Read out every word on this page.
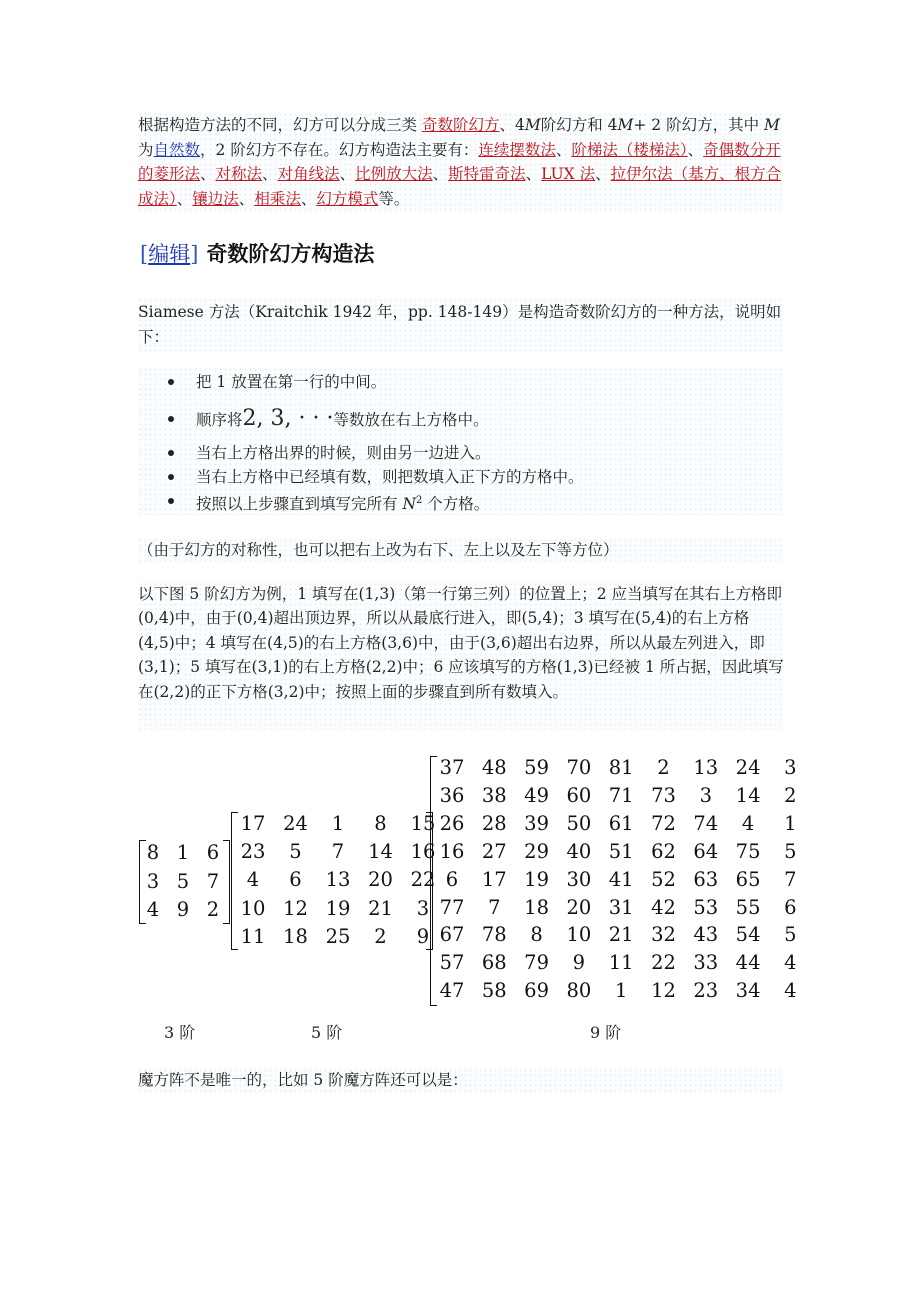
根据构造方法的不同，幻方可以分成三类 奇数阶幻方、4M阶幻方和 4M+ 2 阶幻方，其中 M为自然数，2 阶幻方不存在。幻方构造法主要有：连续摆数法、阶梯法（楼梯法）、奇偶数分开的菱形法、对称法、对角线法、比例放大法、斯特雷奇法、LUX 法、拉伊尔法（基方、根方合成法）、镶边法、相乘法、幻方模式等。
[编辑] 奇数阶幻方构造法
Siamese 方法（Kraitchik 1942 年，pp. 148-149）是构造奇数阶幻方的一种方法，说明如下：
把 1 放置在第一行的中间。
顺序将2, 3, · · ·等数放在右上方格中。
当右上方格出界的时候，则由另一边进入。
当右上方格中已经填有数，则把数填入正下方的方格中。
按照以上步骤直到填写完所有 $N^2$ 个方格。
（由于幻方的对称性，也可以把右上改为右下、左上以及左下等方位）
以下图 5 阶幻方为例，1 填写在(1,3)（第一行第三列）的位置上；2 应当填写在其右上方格即(0,4)中，由于(0,4)超出顶边界，所以从最底行进入，即(5,4)；3 填写在(5,4)的右上方格(4,5)中；4 填写在(4,5)的右上方格(3,6)中，由于(3,6)超出右边界，所以从最左列进入，即(3,1)；5 填写在(3,1)的右上方格(2,2)中；6 应该填写的方格(1,3)已经被 1 所占据，因此填写在(2,2)的正下方格(3,2)中；按照上面的步骤直到所有数填入。
8 1 6
3 5 7
4 9 2
17 24	1	8	15
23	5	7	14 16
4	6	13 20 22
10 12 19 21	3
11 18 25	2	9
37 48 59 70 81	2	13 24	3
36 38 49 60 71 73	3	14	2
26 28 39 50 61 72 74	4	1
16 27 29 40 51 62 64 75	5
6	17 19 30 41 52 63 65	7
77	7	18 20 31 42 53 55	6
67 78	8	10 21 32 43 54	5
57 68 79	9	11 22 33 44	4
47 58 69 80	1	12 23 34	4
3 阶	5 阶	9 阶
魔方阵不是唯一的，比如 5 阶魔方阵还可以是：
